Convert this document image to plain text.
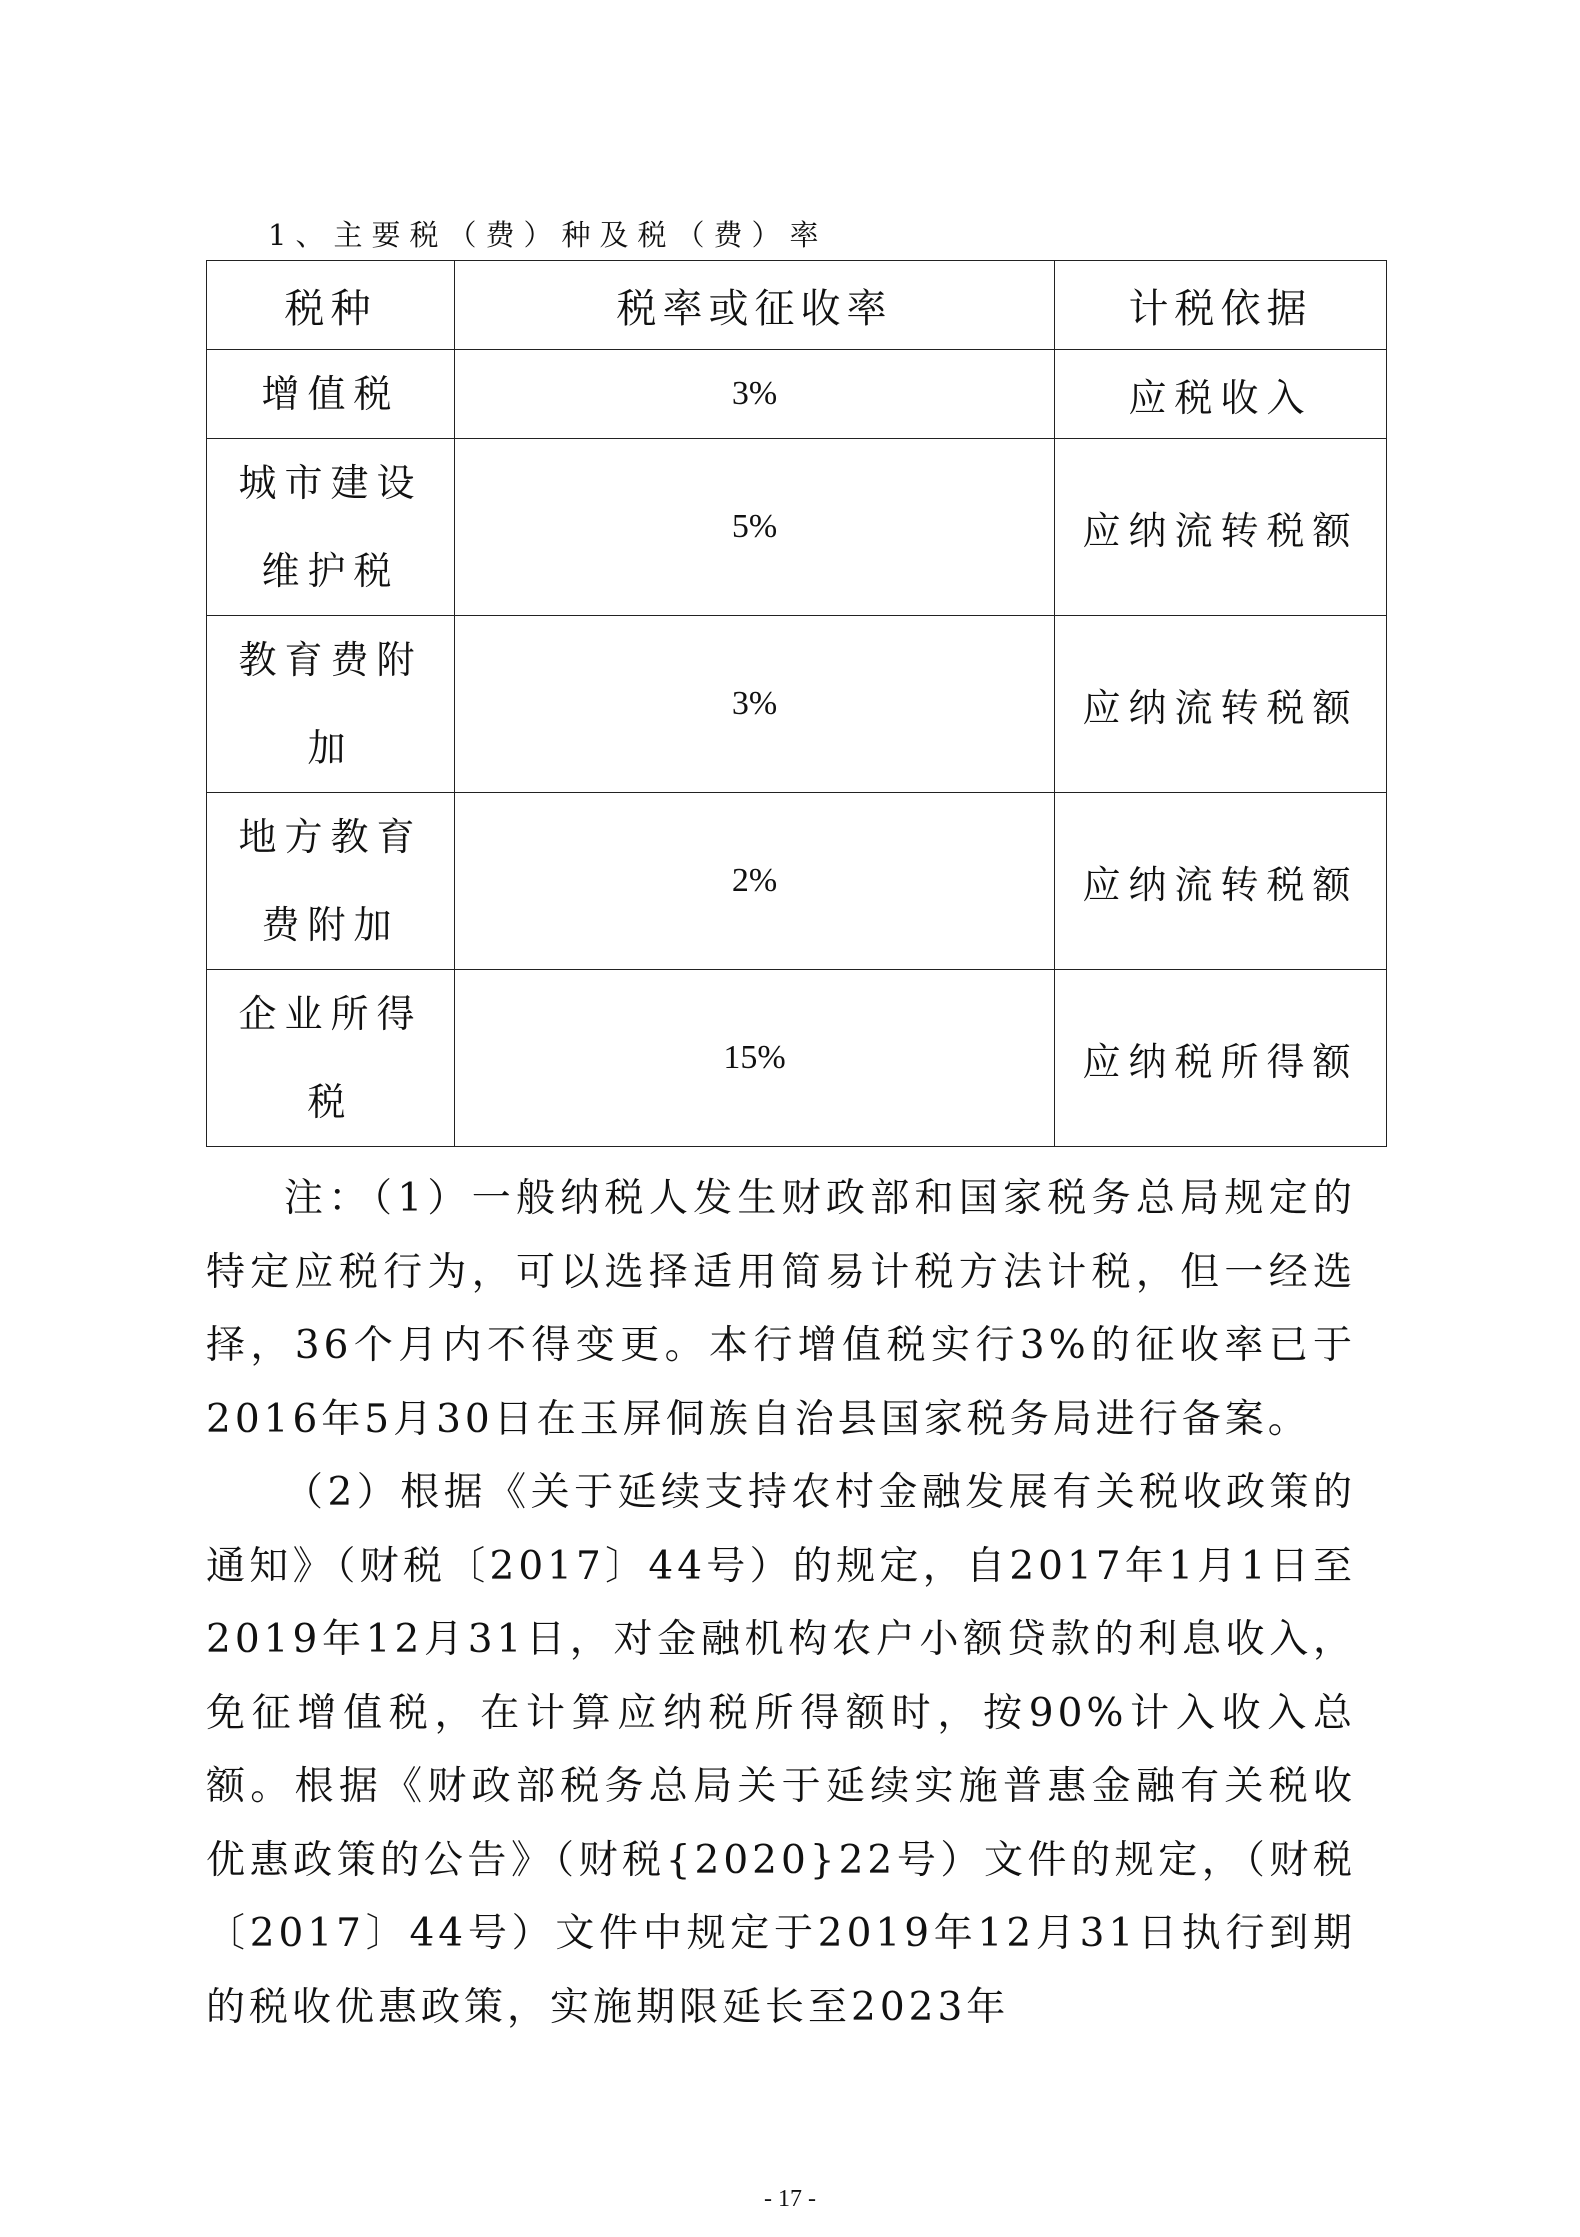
1、主要税（费）种及税（费）率
税种	税率或征收率	计税依据
增值税	3%	应税收入
城市建设维护税	5%	应纳流转税额
教育费附加	3%	应纳流转税额
地方教育费附加	2%	应纳流转税额
企业所得税	15%	应纳税所得额

注：（1）一般纳税人发生财政部和国家税务总局规定的特定应税行为，可以选择适用简易计税方法计税，但一经选择，36个月内不得变更。本行增值税实行3%的征收率已于2016年5月30日在玉屏侗族自治县国家税务局进行备案。

（2）根据《关于延续支持农村金融发展有关税收政策的通知》（财税〔2017〕44号）的规定，自2017年1月1日至2019年12月31日，对金融机构农户小额贷款的利息收入，免征增值税，在计算应纳税所得额时，按90%计入收入总额。根据《财政部税务总局关于延续实施普惠金融有关税收优惠政策的公告》（财税{2020}22号）文件的规定，（财税〔2017〕44号）文件中规定于2019年12月31日执行到期的税收优惠政策，实施期限延长至2023年

- 17 -
